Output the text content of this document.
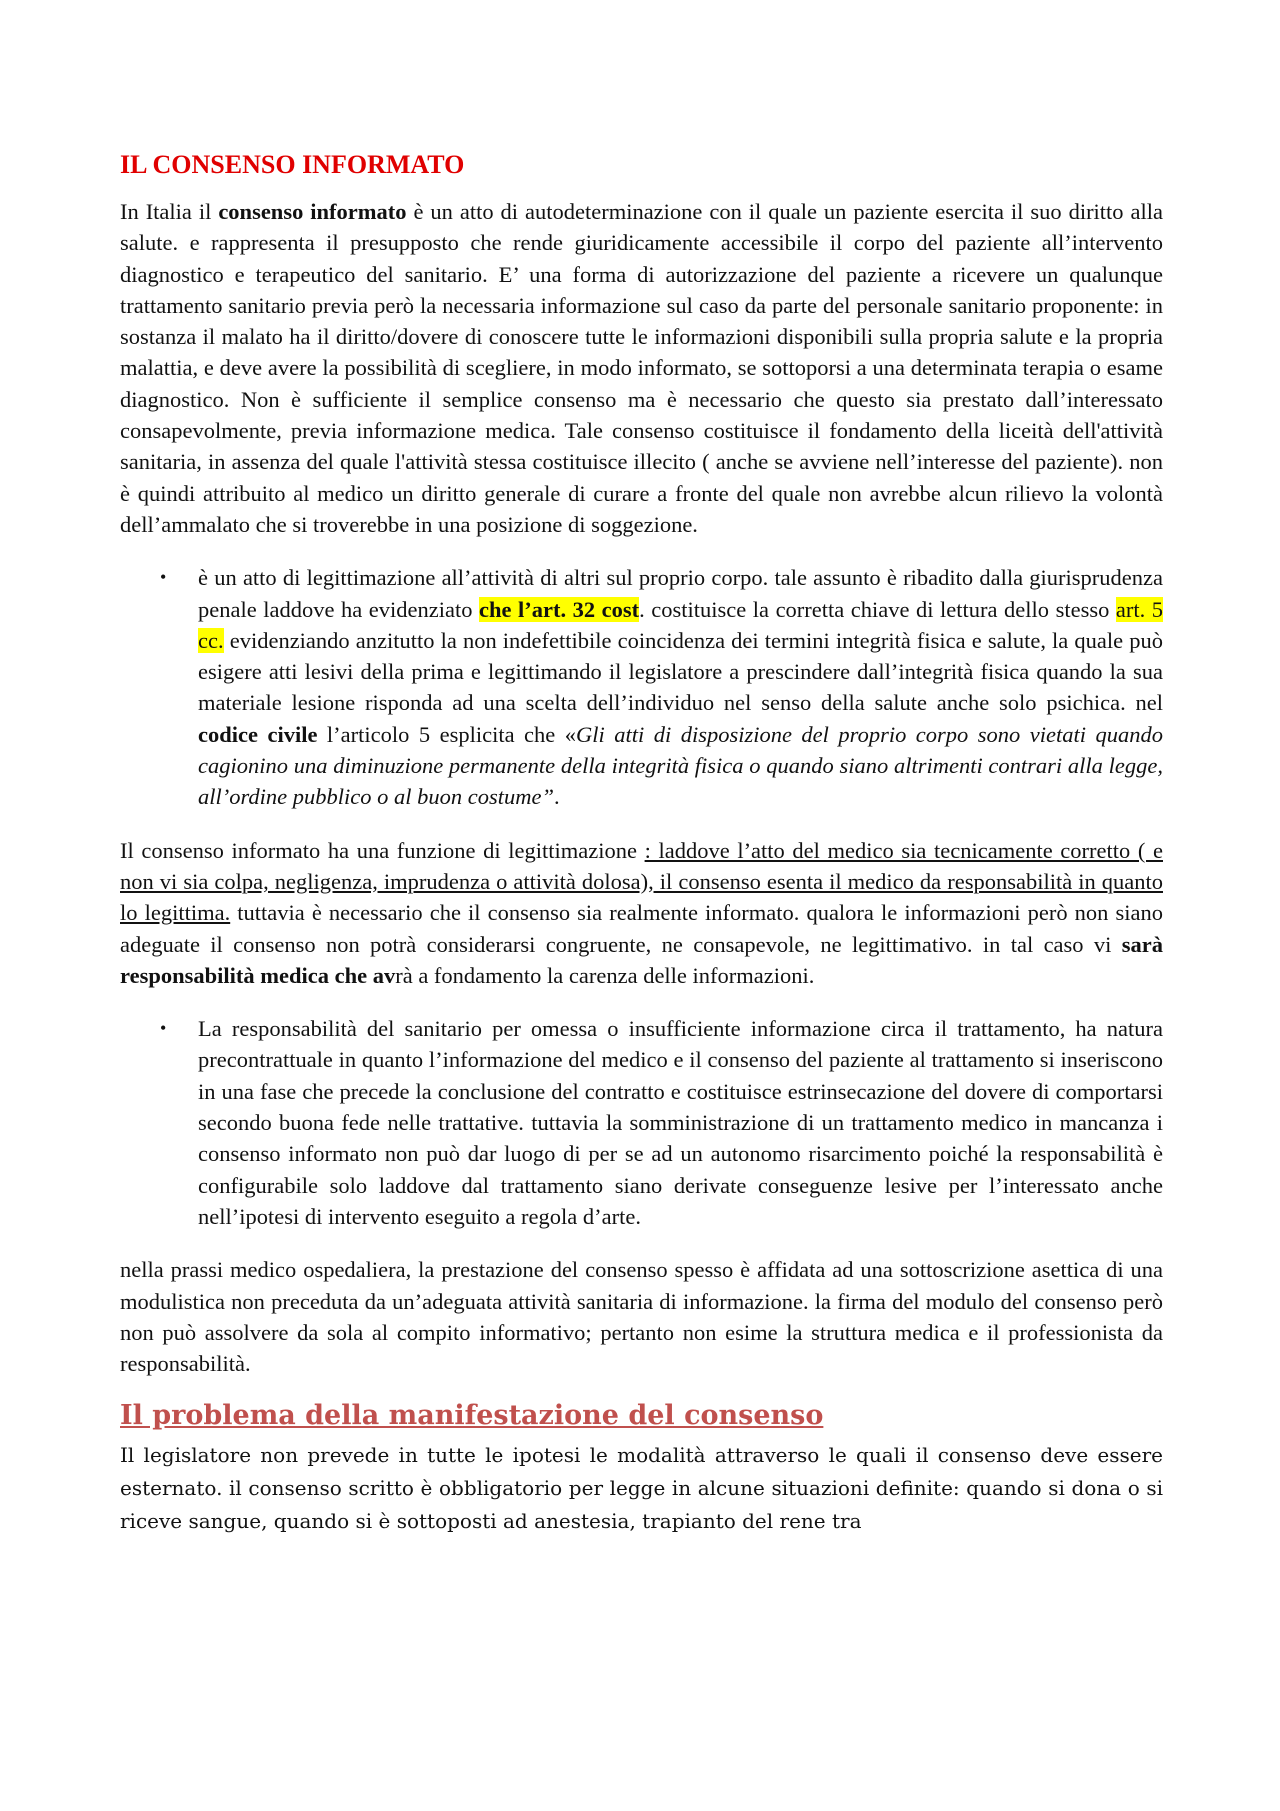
IL CONSENSO INFORMATO

In Italia il consenso informato è un atto di autodeterminazione con il quale un paziente esercita il suo diritto alla salute. e rappresenta il presupposto che rende giuridicamente accessibile il corpo del paziente all’intervento diagnostico e terapeutico del sanitario. E’ una forma di autorizzazione del paziente a ricevere un qualunque trattamento sanitario previa però la necessaria informazione sul caso da parte del personale sanitario proponente: in sostanza il malato ha il diritto/dovere di conoscere tutte le informazioni disponibili sulla propria salute e la propria malattia, e deve avere la possibilità di scegliere, in modo informato, se sottoporsi a una determinata terapia o esame diagnostico. Non è sufficiente il semplice consenso ma è necessario che questo sia prestato dall’interessato consapevolmente, previa informazione medica. Tale consenso costituisce il fondamento della liceità dell'attività sanitaria, in assenza del quale l'attività stessa costituisce illecito ( anche se avviene nell’interesse del paziente). non è quindi attribuito al medico un diritto generale di curare a fronte del quale non avrebbe alcun rilievo la volontà dell’ammalato che si troverebbe in una posizione di soggezione.

• è un atto di legittimazione all’attività di altri sul proprio corpo. tale assunto è ribadito dalla giurisprudenza penale laddove ha evidenziato che l’art. 32 cost. costituisce la corretta chiave di lettura dello stesso art. 5 cc. evidenziando anzitutto la non indefettibile coincidenza dei termini integrità fisica e salute, la quale può esigere atti lesivi della prima e legittimando il legislatore a prescindere dall’integrità fisica quando la sua materiale lesione risponda ad una scelta dell’individuo nel senso della salute anche solo psichica. nel codice civile l’articolo 5 esplicita che «Gli atti di disposizione del proprio corpo sono vietati quando cagionino una diminuzione permanente della integrità fisica o quando siano altrimenti contrari alla legge, all’ordine pubblico o al buon costume”.

Il consenso informato ha una funzione di legittimazione : laddove l’atto del medico sia tecnicamente corretto ( e non vi sia colpa, negligenza, imprudenza o attività dolosa), il consenso esenta il medico da responsabilità in quanto lo legittima. tuttavia è necessario che il consenso sia realmente informato. qualora le informazioni però non siano adeguate il consenso non potrà considerarsi congruente, ne consapevole, ne legittimativo. in tal caso vi sarà responsabilità medica che avrà a fondamento la carenza delle informazioni.

• La responsabilità del sanitario per omessa o insufficiente informazione circa il trattamento, ha natura precontrattuale in quanto l’informazione del medico e il consenso del paziente al trattamento si inseriscono in una fase che precede la conclusione del contratto e costituisce estrinsecazione del dovere di comportarsi secondo buona fede nelle trattative. tuttavia la somministrazione di un trattamento medico in mancanza i consenso informato non può dar luogo di per se ad un autonomo risarcimento poiché la responsabilità è configurabile solo laddove dal trattamento siano derivate conseguenze lesive per l’interessato anche nell’ipotesi di intervento eseguito a regola d’arte.

nella prassi medico ospedaliera, la prestazione del consenso spesso è affidata ad una sottoscrizione asettica di una modulistica non preceduta da un’adeguata attività sanitaria di informazione. la firma del modulo del consenso però non può assolvere da sola al compito informativo; pertanto non esime la struttura medica e il professionista da responsabilità.

Il problema della manifestazione del consenso

Il legislatore non prevede in tutte le ipotesi le modalità attraverso le quali il consenso deve essere esternato. il consenso scritto è obbligatorio per legge in alcune situazioni definite: quando si dona o si riceve sangue, quando si è sottoposti ad anestesia, trapianto del rene tra
